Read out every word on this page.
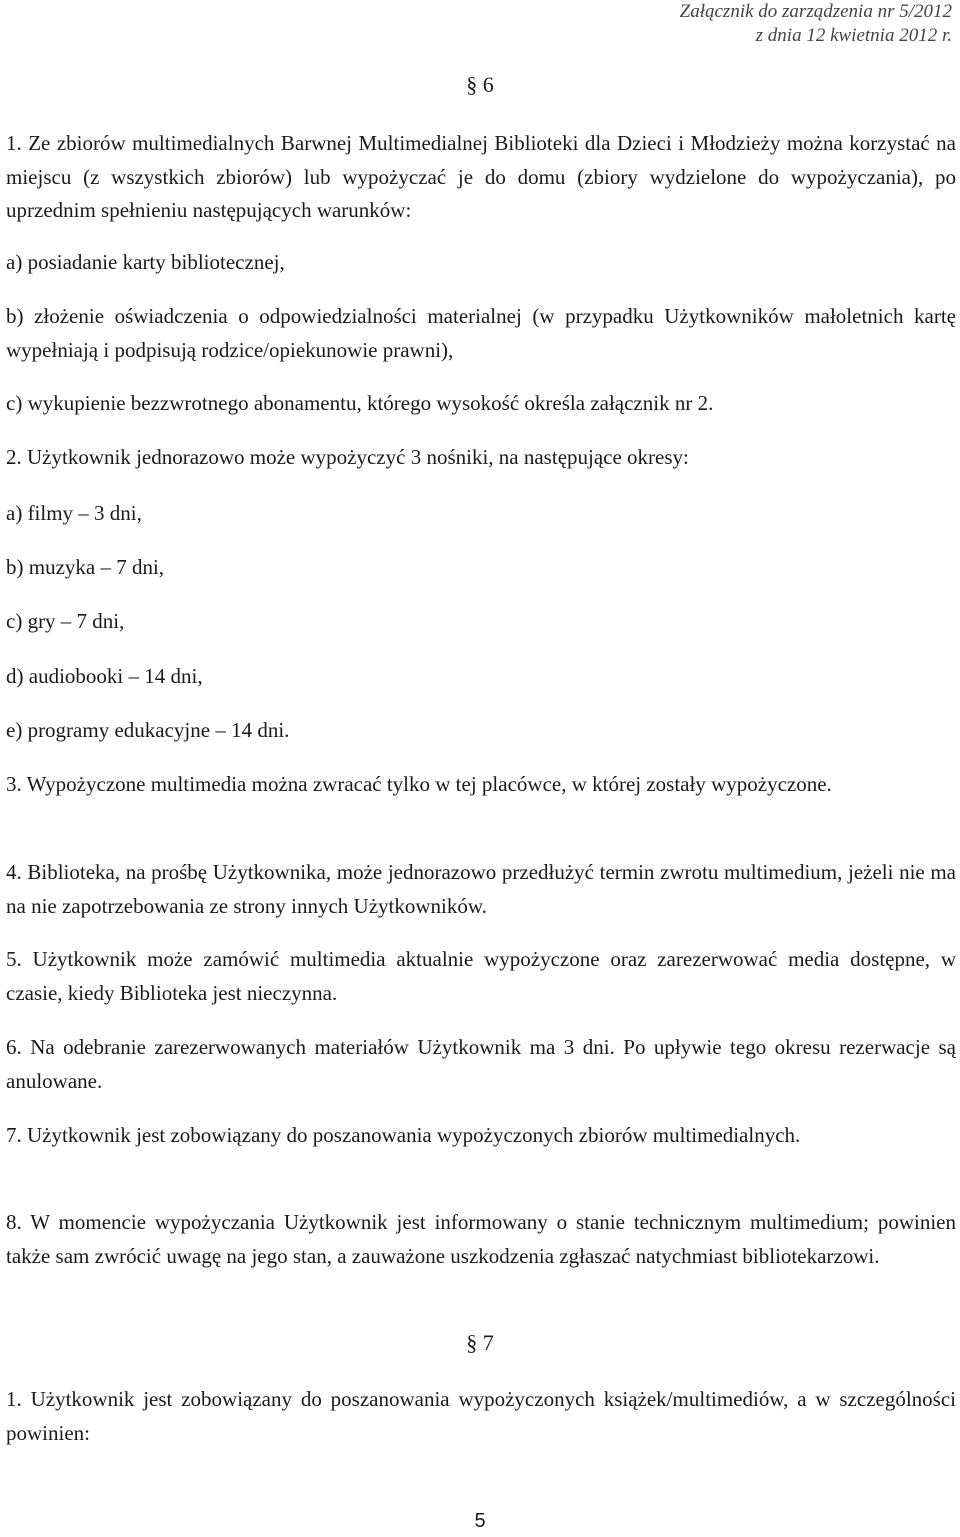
Załącznik do zarządzenia nr 5/2012
z dnia 12 kwietnia 2012 r.
§ 6

1. Ze zbiorów multimedialnych Barwnej Multimedialnej Biblioteki dla Dzieci i Młodzieży można korzystać na miejscu (z wszystkich zbiorów) lub wypożyczać je do domu (zbiory wydzielone do wypożyczania), po uprzednim spełnieniu następujących warunków:

a) posiadanie karty bibliotecznej,

b) złożenie oświadczenia o odpowiedzialności materialnej (w przypadku Użytkowników małoletnich kartę wypełniają i podpisują rodzice/opiekunowie prawni),

c) wykupienie bezzwrotnego abonamentu, którego wysokość określa załącznik nr 2.

2. Użytkownik jednorazowo może wypożyczyć 3 nośniki, na następujące okresy:

a) filmy – 3 dni,

b) muzyka – 7 dni,

c) gry – 7 dni,

d) audiobooki – 14 dni,

e) programy edukacyjne – 14 dni.

3. Wypożyczone multimedia można zwracać tylko w tej placówce, w której zostały wypożyczone.

4. Biblioteka, na prośbę Użytkownika, może jednorazowo przedłużyć termin zwrotu multimedium, jeżeli nie ma na nie zapotrzebowania ze strony innych Użytkowników.

5. Użytkownik może zamówić multimedia aktualnie wypożyczone oraz zarezerwować media dostępne, w czasie, kiedy Biblioteka jest nieczynna.

6. Na odebranie zarezerwowanych materiałów Użytkownik ma 3 dni. Po upływie tego okresu rezerwacje są anulowane.

7. Użytkownik jest zobowiązany do poszanowania wypożyczonych zbiorów multimedialnych.

8. W momencie wypożyczania Użytkownik jest informowany o stanie technicznym multimedium; powinien także sam zwrócić uwagę na jego stan, a zauważone uszkodzenia zgłaszać natychmiast bibliotekarzowi.

§ 7

1. Użytkownik jest zobowiązany do poszanowania wypożyczonych książek/multimediów, a w szczególności powinien:

5
